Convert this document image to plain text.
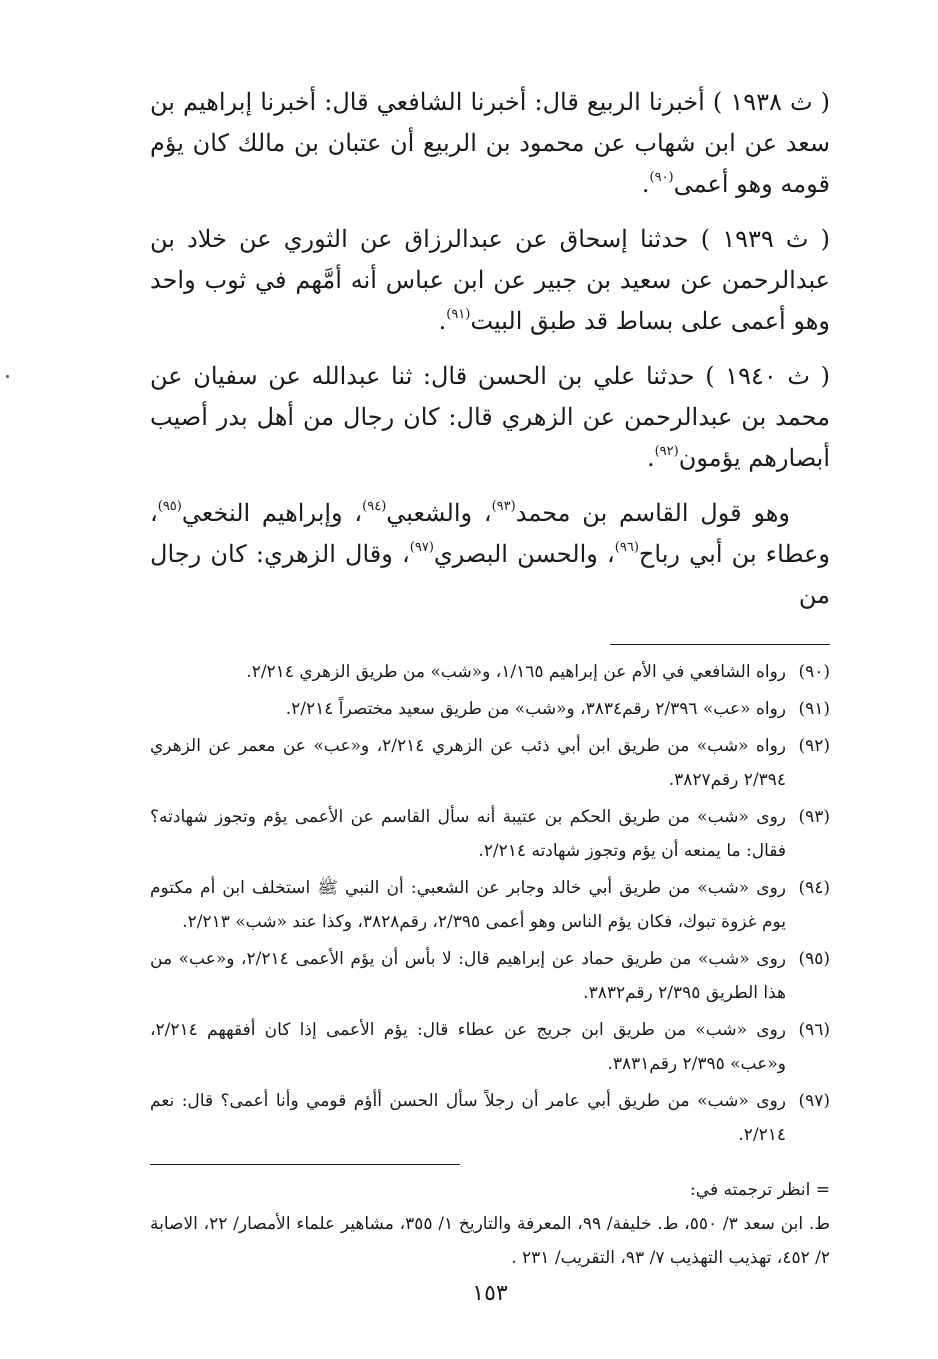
( ث ١٩٣٨ ) أخبرنا الربيع قال: أخبرنا الشافعي قال: أخبرنا إبراهيم بن سعد عن ابن شهاب عن محمود بن الربيع أن عتبان بن مالك كان يؤم قومه وهو أعمى$^{(٩٠)}$.

( ث ١٩٣٩ ) حدثنا إسحاق عن عبدالرزاق عن الثوري عن خلاد بن عبدالرحمن عن سعيد بن جبير عن ابن عباس أنه أمَّهم في ثوب واحد وهو أعمى على بساط قد طبق البيت$^{(٩١)}$.

( ث ١٩٤٠ ) حدثنا علي بن الحسن قال: ثنا عبدالله عن سفيان عن محمد بن عبدالرحمن عن الزهري قال: كان رجال من أهل بدر أصيب أبصارهم يؤمون$^{(٩٢)}$.

وهو قول القاسم بن محمد$^{(٩٣)}$، والشعبي$^{(٩٤)}$، وإبراهيم النخعي$^{(٩٥)}$، وعطاء بن أبي رباح$^{(٩٦)}$، والحسن البصري$^{(٩٧)}$، وقال الزهري: كان رجال من

(٩٠)
رواه الشافعي في الأم عن إبراهيم ١/١٦٥، و«شب» من طريق الزهري ٢/٢١٤.
(٩١)
رواه «عب» ٢/٣٩٦ رقم٣٨٣٤، و«شب» من طريق سعيد مختصراً ٢/٢١٤.
(٩٢)
رواه «شب» من طريق ابن أبي ذئب عن الزهري ٢/٢١٤، و«عب» عن معمر عن الزهري ٢/٣٩٤ رقم٣٨٢٧.
(٩٣)
روى «شب» من طريق الحكم بن عتيبة أنه سأل القاسم عن الأعمى يؤم وتجوز شهادته؟ فقال: ما يمنعه أن يؤم وتجوز شهادته ٢/٢١٤.
(٩٤)
روى «شب» من طريق أبي خالد وجابر عن الشعبي: أن النبي ﷺ استخلف ابن أم مكتوم يوم غزوة تبوك، فكان يؤم الناس وهو أعمى ٢/٣٩٥، رقم٣٨٢٨، وكذا عند «شب» ٢/٢١٣.
(٩٥)
روى «شب» من طريق حماد عن إبراهيم قال: لا بأس أن يؤم الأعمى ٢/٢١٤، و«عب» من هذا الطريق ٢/٣٩٥ رقم٣٨٣٢.
(٩٦)
روى «شب» من طريق ابن جريج عن عطاء قال: يؤم الأعمى إذا كان أفقههم ٢/٢١٤، و«عب» ٢/٣٩٥ رقم٣٨٣١.
(٩٧)
روى «شب» من طريق أبي عامر أن رجلاً سأل الحسن أأؤم قومي وأنا أعمى؟ قال: نعم ٢/٢١٤.

= انظر ترجمته في:

ط. ابن سعد ٣/ ٥٥٠، ط. خليفة/ ٩٩، المعرفة والتاريخ ١/ ٣٥٥، مشاهير علماء الأمصار/ ٢٢، الاصابة ٢/ ٤٥٢، تهذيب التهذيب ٧/ ٩٣، التقريب/ ٢٣١ .

١٥٣
